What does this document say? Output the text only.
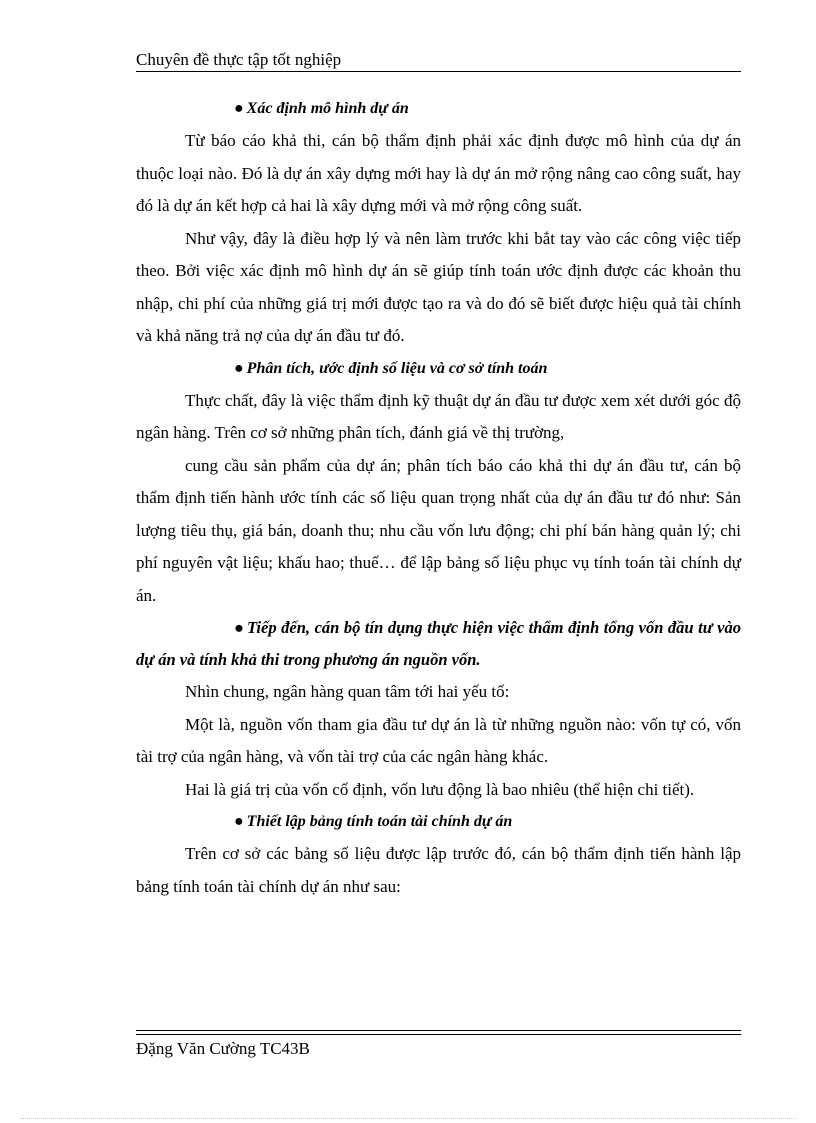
Chuyên đề thực tập tốt nghiệp

● Xác định mô hình dự án

Từ báo cáo khả thi, cán bộ thẩm định phải xác định được mô hình của dự án thuộc loại nào. Đó là dự án xây dựng mới hay là dự án mở rộng nâng cao công suất, hay đó là dự án kết hợp cả hai là xây dựng mới và mở rộng công suất.

Như vậy, đây là điều hợp lý và nên làm trước khi bắt tay vào các công việc tiếp theo. Bởi việc xác định mô hình dự án sẽ giúp tính toán ước định được các khoản thu nhập, chi phí của những giá trị mới được tạo ra và do đó sẽ biết được hiệu quả tài chính và khả năng trả nợ của dự án đầu tư đó.

● Phân tích, ước định số liệu và cơ sở tính toán

Thực chất, đây là việc thẩm định kỹ thuật dự án đầu tư được xem xét dưới góc độ ngân hàng. Trên cơ sở những phân tích, đánh giá về thị trường,

cung cầu sản phẩm của dự án; phân tích báo cáo khả thi dự án đầu tư, cán bộ thẩm định tiến hành ước tính các số liệu quan trọng nhất của dự án đầu tư đó như: Sản lượng tiêu thụ, giá bán, doanh thu; nhu cầu vốn lưu động; chi phí bán hàng quản lý; chi phí nguyên vật liệu; khấu hao; thuế… để lập bảng số liệu phục vụ tính toán tài chính dự án.

● Tiếp đến, cán bộ tín dụng thực hiện việc thẩm định tổng vốn đầu tư vào dự án và tính khả thi trong phương án nguồn vốn.

Nhìn chung, ngân hàng quan tâm tới hai yếu tố:

Một là, nguồn vốn tham gia đầu tư dự án là từ những nguồn nào: vốn tự có, vốn tài trợ của ngân hàng, và vốn tài trợ của các ngân hàng khác.

Hai là giá trị của vốn cố định, vốn lưu động là bao nhiêu (thể hiện chi tiết).

● Thiết lập bảng tính toán tài chính dự án

Trên cơ sở các bảng số liệu được lập trước đó, cán bộ thẩm định tiến hành lập bảng tính toán tài chính dự án như sau:

Đặng Văn Cường TC43B
